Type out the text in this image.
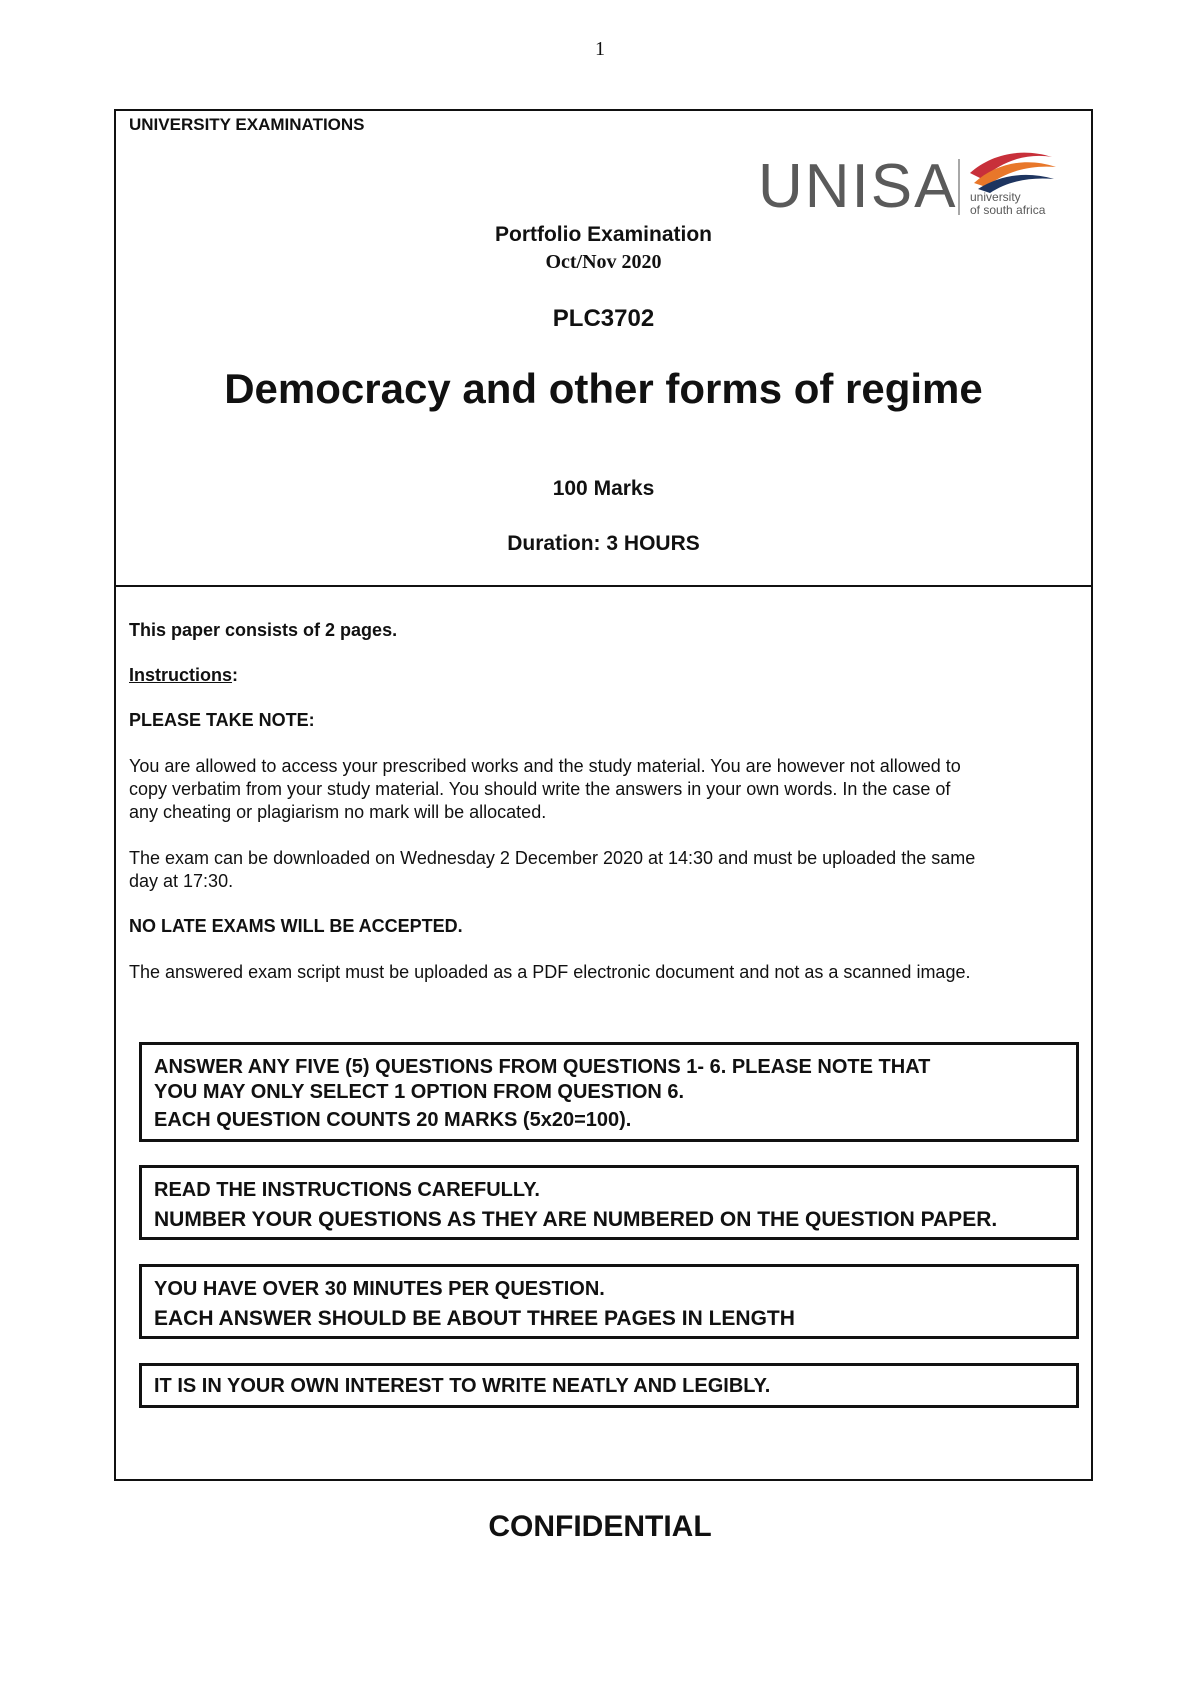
1
UNIVERSITY EXAMINATIONS
UNISA university
of south africa
Portfolio Examination
Oct/Nov 2020
PLC3702
Democracy and other forms of regime
100 Marks
Duration: 3 HOURS
This paper consists of 2 pages.
Instructions:
PLEASE TAKE NOTE:
You are allowed to access your prescribed works and the study material. You are however not allowed to
copy verbatim from your study material. You should write the answers in your own words. In the case of
any cheating or plagiarism no mark will be allocated.
The exam can be downloaded on Wednesday 2 December 2020 at 14:30 and must be uploaded the same
day at 17:30.
NO LATE EXAMS WILL BE ACCEPTED.
The answered exam script must be uploaded as a PDF electronic document and not as a scanned image.
ANSWER ANY FIVE (5) QUESTIONS FROM QUESTIONS 1- 6. PLEASE NOTE THAT
YOU MAY ONLY SELECT 1 OPTION FROM QUESTION 6.
EACH QUESTION COUNTS 20 MARKS (5x20=100).
READ THE INSTRUCTIONS CAREFULLY.
NUMBER YOUR QUESTIONS AS THEY ARE NUMBERED ON THE QUESTION PAPER.
YOU HAVE OVER 30 MINUTES PER QUESTION.
EACH ANSWER SHOULD BE ABOUT THREE PAGES IN LENGTH
IT IS IN YOUR OWN INTEREST TO WRITE NEATLY AND LEGIBLY.
CONFIDENTIAL
